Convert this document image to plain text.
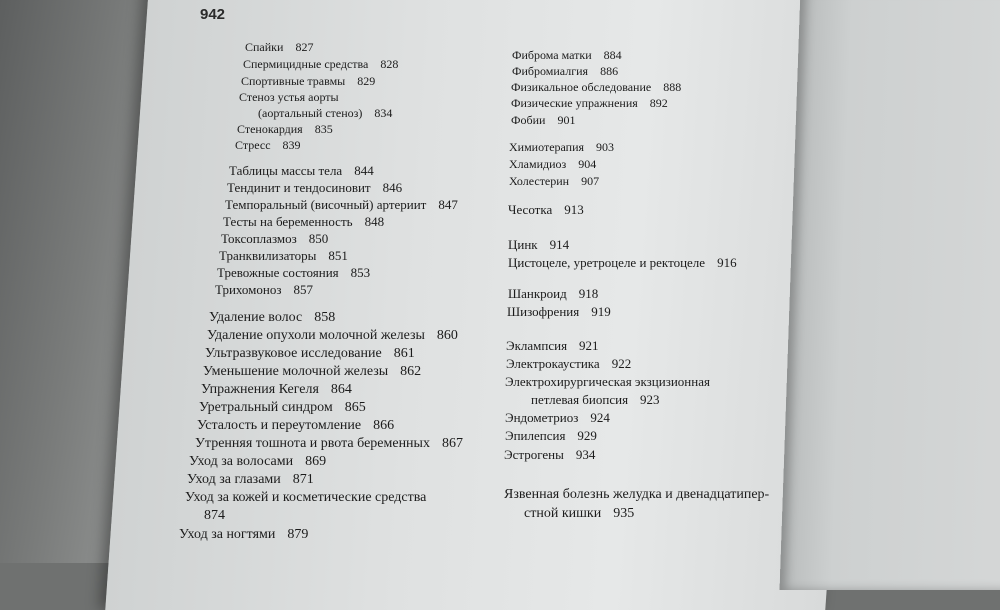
942
Спайки 827
Спермицидные средства 828
Спортивные травмы 829
Стеноз устья аорты
(аортальный стеноз) 834
Стенокардия 835
Стресс 839
Таблицы массы тела 844
Тендинит и тендосиновит 846
Темпоральный (височный) артериит 847
Тесты на беременность 848
Токсоплазмоз 850
Транквилизаторы 851
Тревожные состояния 853
Трихомоноз 857
Удаление волос 858
Удаление опухоли молочной железы 860
Ультразвуковое исследование 861
Уменьшение молочной железы 862
Упражнения Кегеля 864
Уретральный синдром 865
Усталость и переутомление 866
Утренняя тошнота и рвота беременных 867
Уход за волосами 869
Уход за глазами 871
Уход за кожей и косметические средства
874
Уход за ногтями 879
Фиброма матки 884
Фибромиалгия 886
Физикальное обследование 888
Физические упражнения 892
Фобии 901
Химиотерапия 903
Хламидиоз 904
Холестерин 907
Чесотка 913
Цинк 914
Цистоцеле, уретроцеле и ректоцеле 916
Шанкроид 918
Шизофрения 919
Эклампсия 921
Электрокаустика 922
Электрохирургическая экзцизионная
петлевая биопсия 923
Эндометриоз 924
Эпилепсия 929
Эстрогены 934
Язвенная болезнь желудка и двенадцатипер-
стной кишки 935
